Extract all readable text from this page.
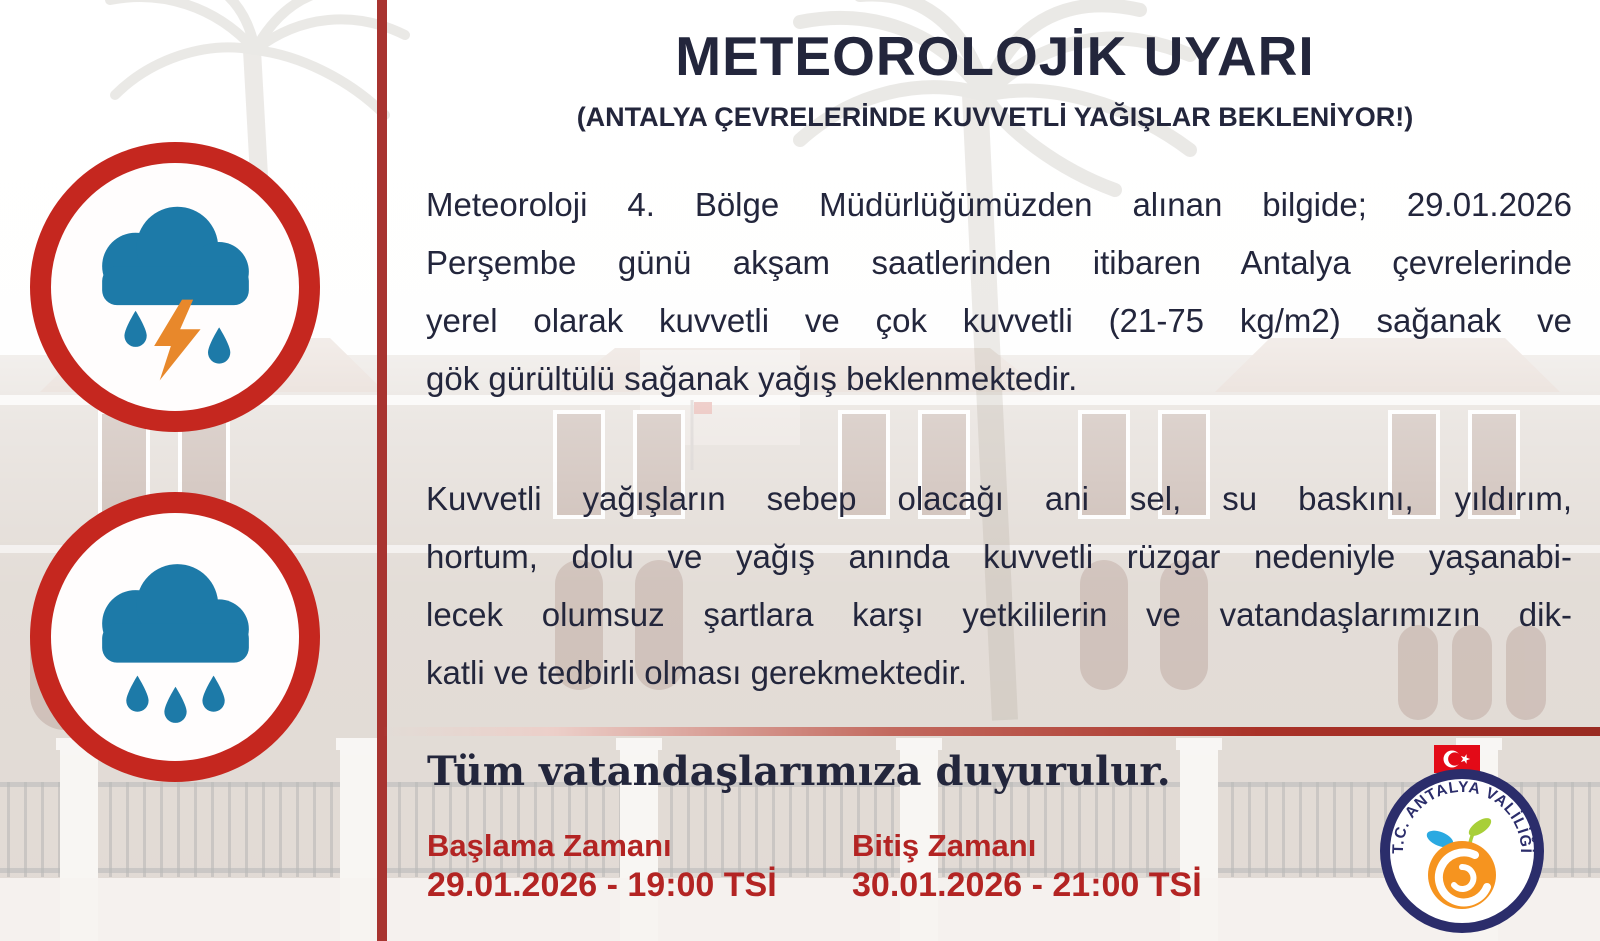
METEOROLOJİK UYARI
(ANTALYA ÇEVRELERİNDE KUVVETLİ YAĞIŞLAR BEKLENİYOR!)
Meteoroloji 4. Bölge Müdürlüğümüzden alınan bilgide; 29.01.2026
Perşembe günü akşam saatlerinden itibaren Antalya çevrelerinde
yerel olarak kuvvetli ve çok kuvvetli (21-75 kg/m2) sağanak ve
gök gürültülü sağanak yağış beklenmektedir.
Kuvvetli yağışların sebep olacağı ani sel, su baskını, yıldırım,
hortum, dolu ve yağış anında kuvvetli rüzgar nedeniyle yaşanabi-
lecek olumsuz şartlara karşı yetkililerin ve vatandaşlarımızın dik-
katli ve tedbirli olması gerekmektedir.
Tüm vatandaşlarımıza duyurulur.
Başlama Zamanı
29.01.2026 - 19:00 TSİ
Bitiş Zamanı
30.01.2026 - 21:00 TSİ
T.C. ANTALYA VALİLİĞİ
